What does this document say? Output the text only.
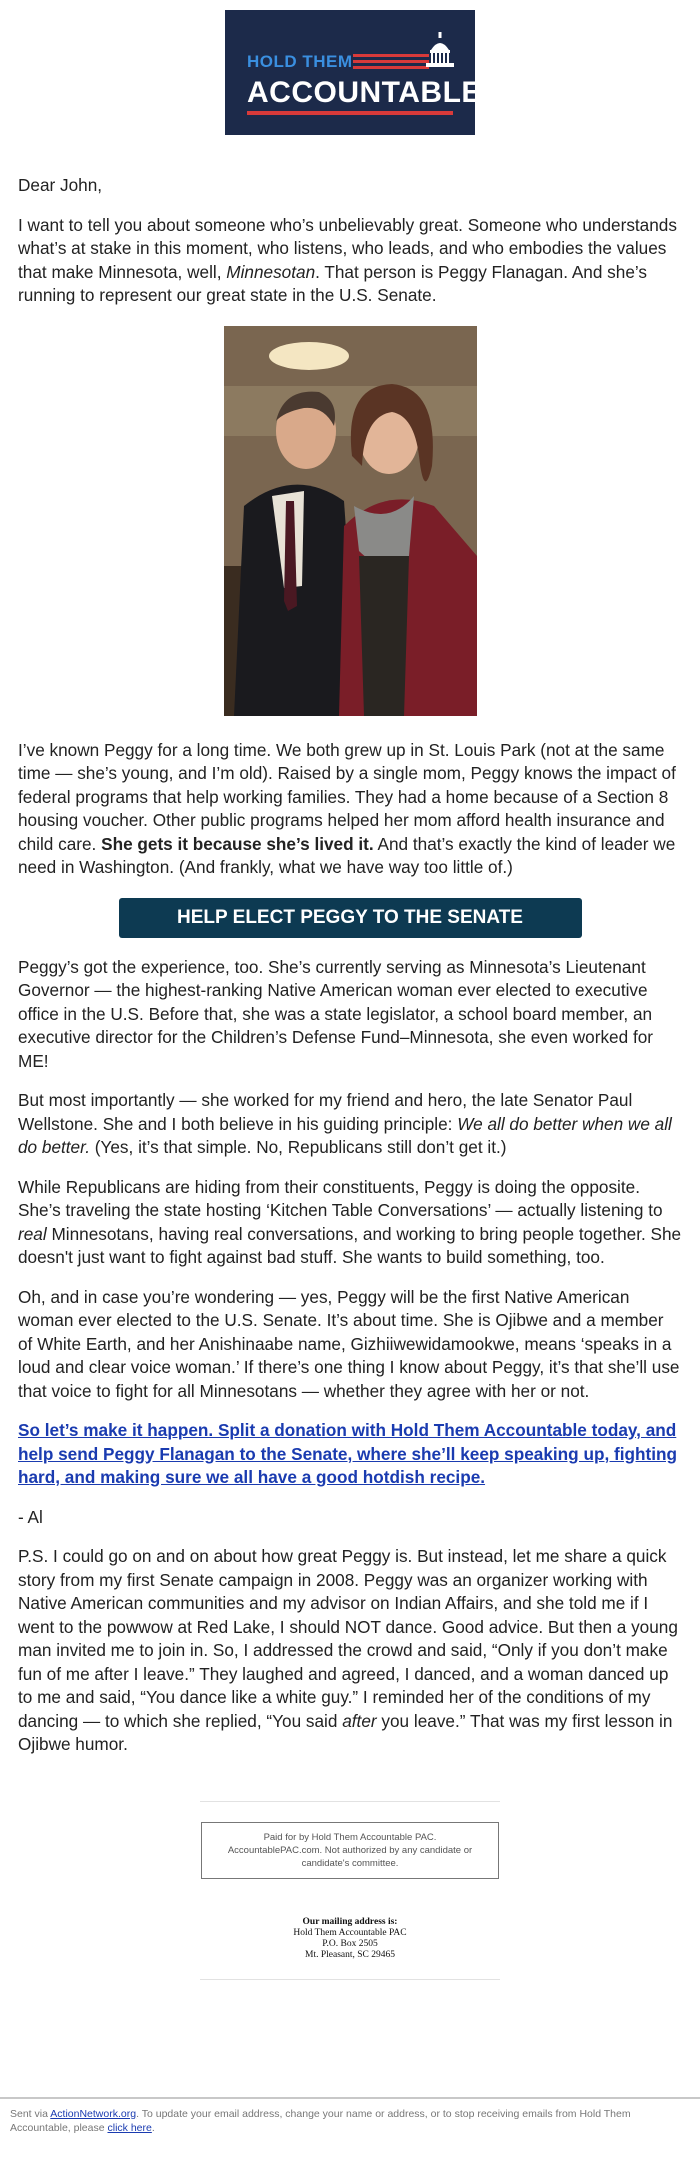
HOLD THEM
ACCOUNTABLE

Dear John,

I want to tell you about someone who’s unbelievably great. Someone who understands what’s at stake in this moment, who listens, who leads, and who embodies the values that make Minnesota, well, Minnesotan. That person is Peggy Flanagan. And she’s running to represent our great state in the U.S. Senate.

I’ve known Peggy for a long time. We both grew up in St. Louis Park (not at the same time — she’s young, and I’m old). Raised by a single mom, Peggy knows the impact of federal programs that help working families. They had a home because of a Section 8 housing voucher. Other public programs helped her mom afford health insurance and child care. She gets it because she’s lived it. And that’s exactly the kind of leader we need in Washington. (And frankly, what we have way too little of.)

HELP ELECT PEGGY TO THE SENATE

Peggy’s got the experience, too. She’s currently serving as Minnesota’s Lieutenant Governor — the highest-ranking Native American woman ever elected to executive office in the U.S. Before that, she was a state legislator, a school board member, an executive director for the Children’s Defense Fund–Minnesota, she even worked for ME!

But most importantly — she worked for my friend and hero, the late Senator Paul Wellstone. She and I both believe in his guiding principle: We all do better when we all do better. (Yes, it’s that simple. No, Republicans still don’t get it.)

While Republicans are hiding from their constituents, Peggy is doing the opposite. She’s traveling the state hosting ‘Kitchen Table Conversations’ — actually listening to real Minnesotans, having real conversations, and working to bring people together. She doesn't just want to fight against bad stuff. She wants to build something, too.

Oh, and in case you’re wondering — yes, Peggy will be the first Native American woman ever elected to the U.S. Senate. It’s about time. She is Ojibwe and a member of White Earth, and her Anishinaabe name, Gizhiiwewidamookwe, means ‘speaks in a loud and clear voice woman.’ If there’s one thing I know about Peggy, it’s that she’ll use that voice to fight for all Minnesotans — whether they agree with her or not.

So let’s make it happen. Split a donation with Hold Them Accountable today, and help send Peggy Flanagan to the Senate, where she’ll keep speaking up, fighting hard, and making sure we all have a good hotdish recipe.

- Al

P.S. I could go on and on about how great Peggy is. But instead, let me share a quick story from my first Senate campaign in 2008. Peggy was an organizer working with Native American communities and my advisor on Indian Affairs, and she told me if I went to the powwow at Red Lake, I should NOT dance. Good advice. But then a young man invited me to join in. So, I addressed the crowd and said, “Only if you don’t make fun of me after I leave.” They laughed and agreed, I danced, and a woman danced up to me and said, “You dance like a white guy.” I reminded her of the conditions of my dancing — to which she replied, “You said after you leave.” That was my first lesson in Ojibwe humor.

Paid for by Hold Them Accountable PAC.
AccountablePAC.com. Not authorized by any candidate or
candidate's committee.
Our mailing address is:
Hold Them Accountable PAC
P.O. Box 2505
Mt. Pleasant, SC 29465
Sent via ActionNetwork.org. To update your email address, change your name or address, or to stop receiving emails from Hold Them Accountable, please click here.
